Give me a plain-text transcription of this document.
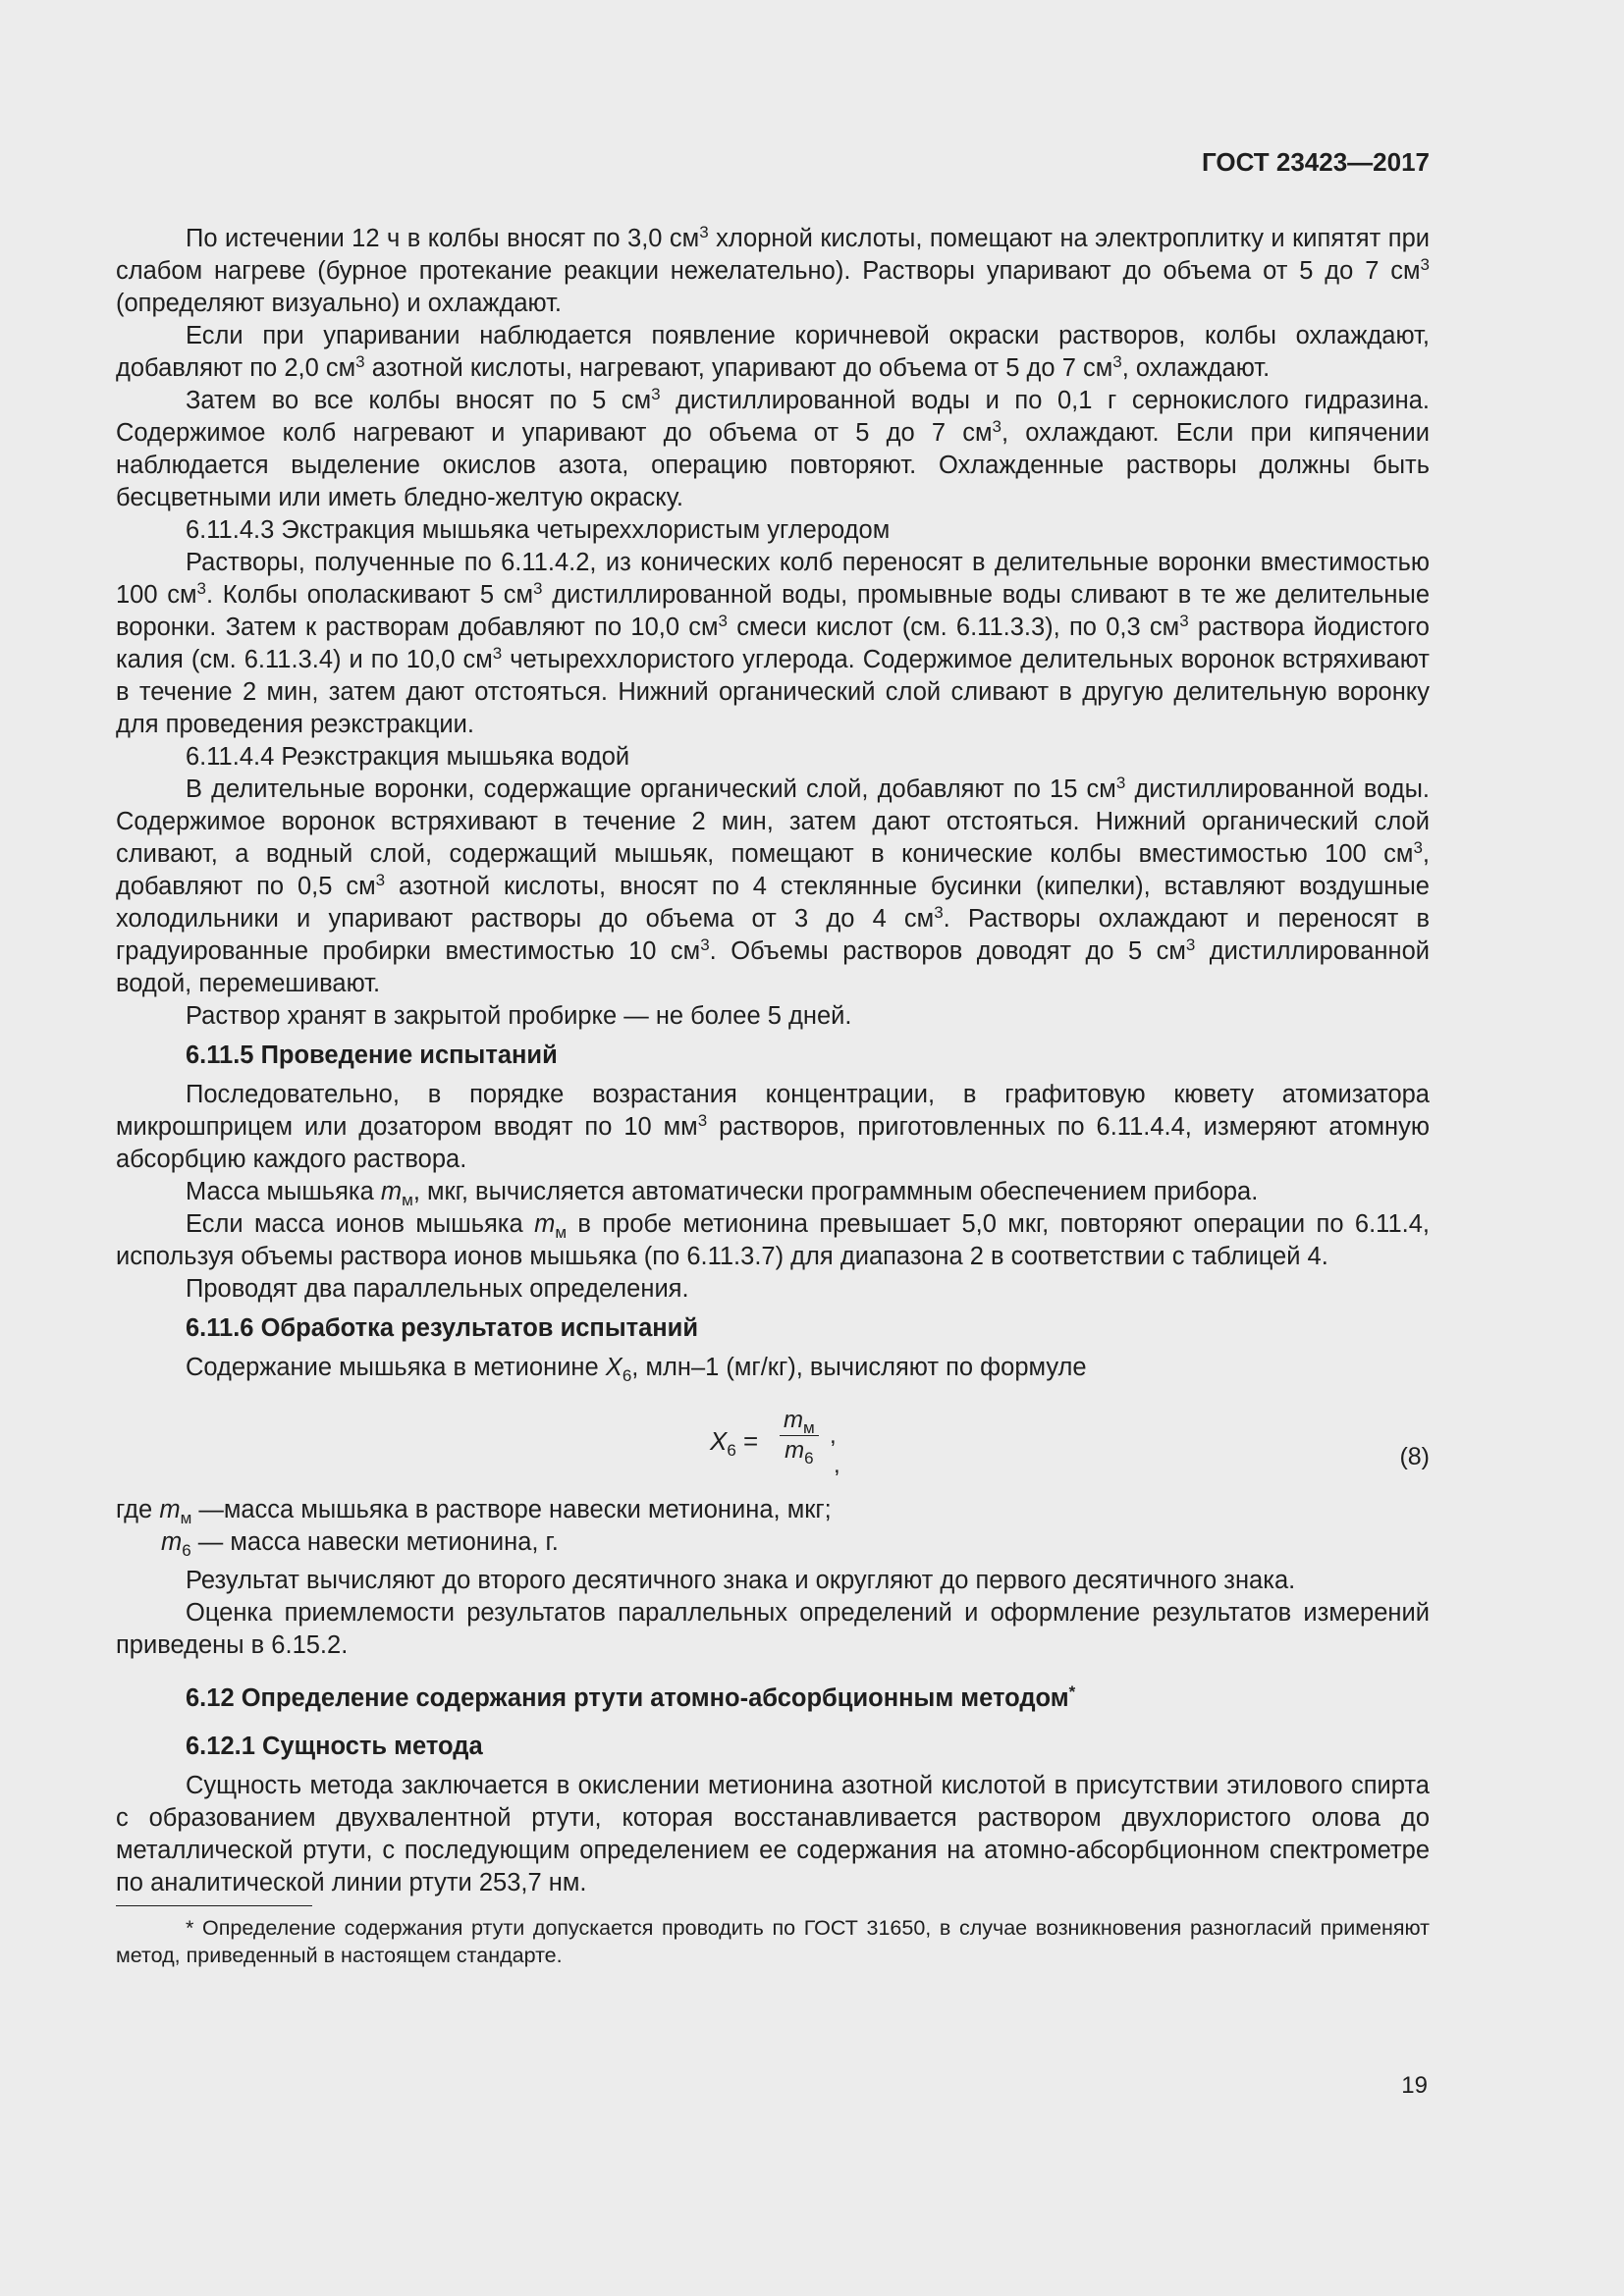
ГОСТ 23423—2017

По истечении 12 ч в колбы вносят по 3,0 $см^3$ хлорной кислоты, помещают на электроплитку и кипятят при слабом нагреве (бурное протекание реакции нежелательно). Растворы упаривают до объема от 5 до 7 $см^3$ (определяют визуально) и охлаждают.

Если при упаривании наблюдается появление коричневой окраски растворов, колбы охлаждают, добавляют по 2,0 $см^3$ азотной кислоты, нагревают, упаривают до объема от 5 до 7 $см^3$, охлаждают.

Затем во все колбы вносят по 5 $см^3$ дистиллированной воды и по 0,1 г сернокислого гидразина. Содержимое колб нагревают и упаривают до объема от 5 до 7 $см^3$, охлаждают. Если при кипячении наблюдается выделение окислов азота, операцию повторяют. Охлажденные растворы должны быть бесцветными или иметь бледно-желтую окраску.

6.11.4.3 Экстракция мышьяка четыреххлористым углеродом

Растворы, полученные по 6.11.4.2, из конических колб переносят в делительные воронки вместимостью 100 $см^3$. Колбы ополаскивают 5 $см^3$ дистиллированной воды, промывные воды сливают в те же делительные воронки. Затем к растворам добавляют по 10,0 $см^3$ смеси кислот (см. 6.11.3.3), по 0,3 $см^3$ раствора йодистого калия (см. 6.11.3.4) и по 10,0 $см^3$ четыреххлористого углерода. Содержимое делительных воронок встряхивают в течение 2 мин, затем дают отстояться. Нижний органический слой сливают в другую делительную воронку для проведения реэкстракции.

6.11.4.4 Реэкстракция мышьяка водой

В делительные воронки, содержащие органический слой, добавляют по 15 $см^3$ дистиллированной воды. Содержимое воронок встряхивают в течение 2 мин, затем дают отстояться. Нижний органический слой сливают, а водный слой, содержащий мышьяк, помещают в конические колбы вместимостью 100 $см^3$, добавляют по 0,5 $см^3$ азотной кислоты, вносят по 4 стеклянные бусинки (кипелки), вставляют воздушные холодильники и упаривают растворы до объема от 3 до 4 $см^3$. Растворы охлаждают и переносят в градуированные пробирки вместимостью 10 $см^3$. Объемы растворов доводят до 5 $см^3$ дистиллированной водой, перемешивают.

Раствор хранят в закрытой пробирке — не более 5 дней.

6.11.5 Проведение испытаний

Последовательно, в порядке возрастания концентрации, в графитовую кювету атомизатора микрошприцем или дозатором вводят по 10 $мм^3$ растворов, приготовленных по 6.11.4.4, измеряют атомную абсорбцию каждого раствора.

Масса мышьяка $m_м$, мкг, вычисляется автоматически программным обеспечением прибора.

Если масса ионов мышьяка $m_м$ в пробе метионина превышает 5,0 мкг, повторяют операции по 6.11.4, используя объемы раствора ионов мышьяка (по 6.11.3.7) для диапазона 2 в соответствии с таблицей 4.

Проводят два параллельных определения.

6.11.6 Обработка результатов испытаний

Содержание мышьяка в метионине $X_6$, млн–1 (мг/кг), вычисляют по формуле

$X_6$ =
$m_м$
$m_6$
,
,	(8)

где $m_м$ —масса мышьяка в растворе навески метионина, мкг;

$m_6$ — масса навески метионина, г.

Результат вычисляют до второго десятичного знака и округляют до первого десятичного знака.

Оценка приемлемости результатов параллельных определений и оформление результатов измерений приведены в 6.15.2.

6.12 Определение содержания ртути атомно-абсорбционным методом*

6.12.1 Сущность метода

Сущность метода заключается в окислении метионина азотной кислотой в присутствии этилового спирта с образованием двухвалентной ртути, которая восстанавливается раствором двухлористого олова до металлической ртути, с последующим определением ее содержания на атомно-абсорбционном спектрометре по аналитической линии ртути 253,7 нм.

* Определение содержания ртути допускается проводить по ГОСТ 31650, в случае возникновения разногласий применяют метод, приведенный в настоящем стандарте.

19
